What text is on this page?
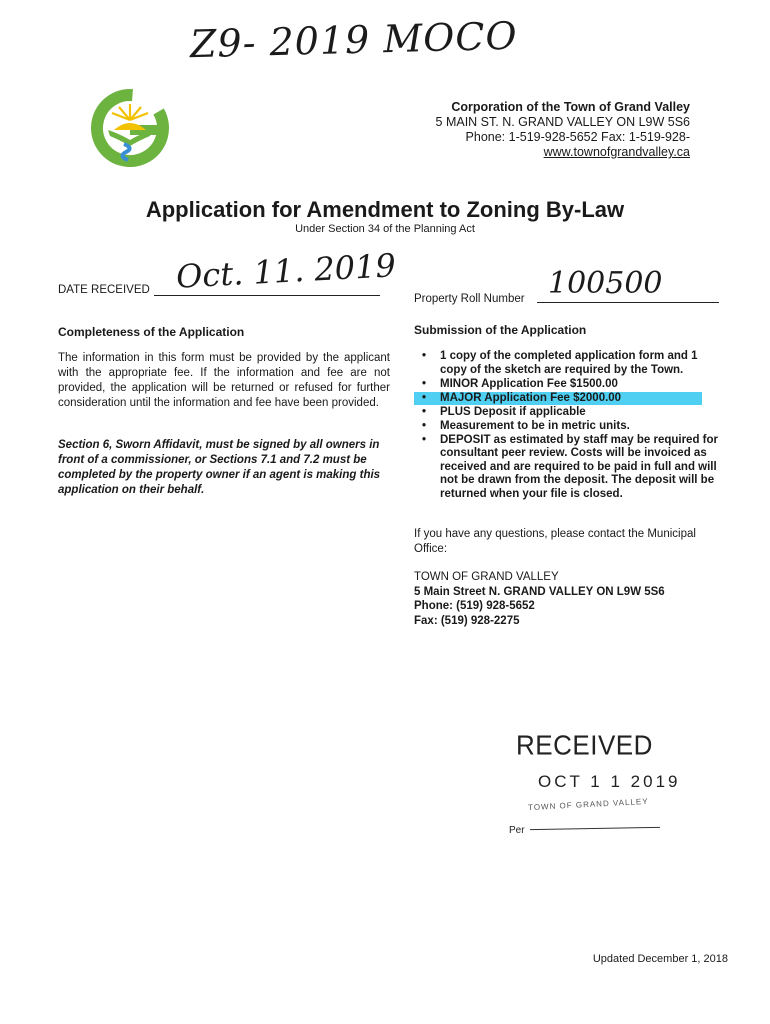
Z9- 2019 MOCO
Corporation of the Town of Grand Valley
5 MAIN ST. N. GRAND VALLEY ON L9W 5S6
Phone: 1-519-928-5652 Fax: 1-519-928-
www.townofgrandvalley.ca
Application for Amendment to Zoning By-Law
Under Section 34 of the Planning Act
DATE RECEIVED Oct. 11. 2019
Property Roll Number 100500
Completeness of the Application
The information in this form must be provided by the applicant with the appropriate fee. If the information and fee are not provided, the application will be returned or refused for further consideration until the information and fee have been provided.
Section 6, Sworn Affidavit, must be signed by all owners in front of a commissioner, or Sections 7.1 and 7.2 must be completed by the property owner if an agent is making this application on their behalf.
Submission of the Application
• 1 copy of the completed application form and 1 copy of the sketch are required by the Town.
• MINOR Application Fee $1500.00
• MAJOR Application Fee $2000.00
• PLUS Deposit if applicable
• Measurement to be in metric units.
• DEPOSIT as estimated by staff may be required for consultant peer review. Costs will be invoiced as received and are required to be paid in full and will not be drawn from the deposit. The deposit will be returned when your file is closed.
If you have any questions, please contact the Municipal Office:
TOWN OF GRAND VALLEY
5 Main Street N. GRAND VALLEY ON L9W 5S6
Phone: (519) 928-5652
Fax: (519) 928-2275
RECEIVED
OCT 1 1 2019
TOWN OF GRAND VALLEY
Per
Updated December 1, 2018
